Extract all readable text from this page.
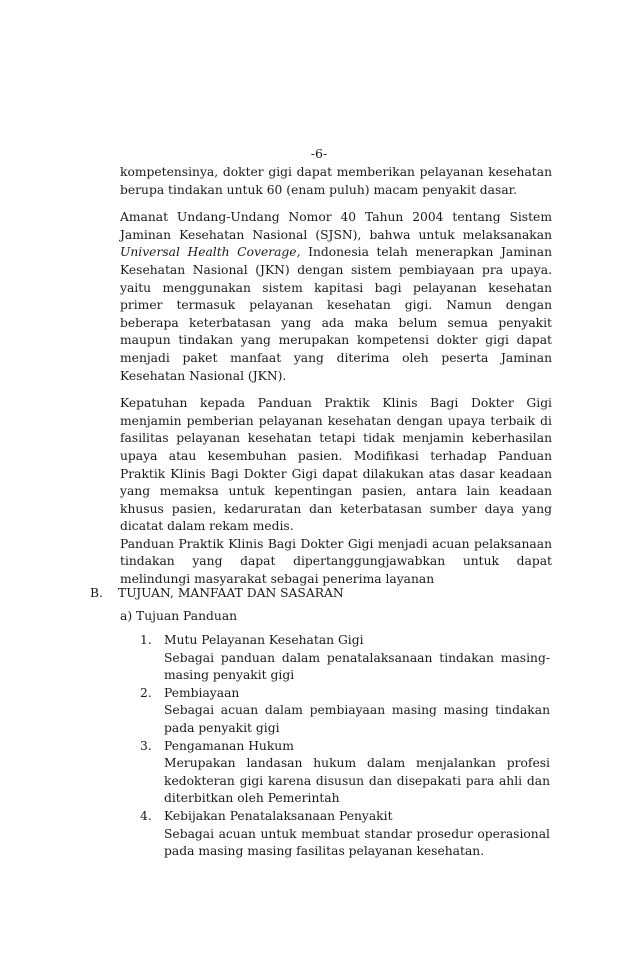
-6-

kompetensinya, dokter gigi dapat memberikan pelayanan kesehatan berupa tindakan untuk 60 (enam puluh) macam penyakit dasar.

Amanat Undang-Undang Nomor 40 Tahun 2004 tentang Sistem Jaminan Kesehatan Nasional (SJSN), bahwa untuk melaksanakan Universal Health Coverage, Indonesia telah menerapkan Jaminan Kesehatan Nasional (JKN) dengan sistem pembiayaan pra upaya. yaitu menggunakan sistem kapitasi bagi pelayanan kesehatan primer termasuk pelayanan kesehatan gigi. Namun dengan beberapa keterbatasan yang ada maka belum semua penyakit maupun tindakan yang merupakan kompetensi dokter gigi dapat menjadi paket manfaat yang diterima oleh peserta Jaminan Kesehatan Nasional (JKN).

Kepatuhan kepada Panduan Praktik Klinis Bagi Dokter Gigi menjamin pemberian pelayanan kesehatan dengan upaya terbaik di fasilitas pelayanan kesehatan tetapi tidak menjamin keberhasilan upaya atau kesembuhan pasien. Modifikasi terhadap Panduan Praktik Klinis Bagi Dokter Gigi dapat dilakukan atas dasar keadaan yang memaksa untuk kepentingan pasien, antara lain keadaan khusus pasien, kedaruratan dan keterbatasan sumber daya yang dicatat dalam rekam medis.

Panduan Praktik Klinis Bagi Dokter Gigi menjadi acuan pelaksanaan tindakan yang dapat dipertanggungjawabkan untuk dapat melindungi masyarakat sebagai penerima layanan

B. TUJUAN, MANFAAT DAN SASARAN
a) Tujuan Panduan
1. Mutu Pelayanan Kesehatan Gigi

Sebagai panduan dalam penatalaksanaan tindakan masing-masing penyakit gigi

2. Pembiayaan

Sebagai acuan dalam pembiayaan masing masing tindakan pada penyakit gigi

3. Pengamanan Hukum

Merupakan landasan hukum dalam menjalankan profesi kedokteran gigi karena disusun dan disepakati para ahli dan diterbitkan oleh Pemerintah

4. Kebijakan Penatalaksanaan Penyakit

Sebagai acuan untuk membuat standar prosedur operasional pada masing masing fasilitas pelayanan kesehatan.
